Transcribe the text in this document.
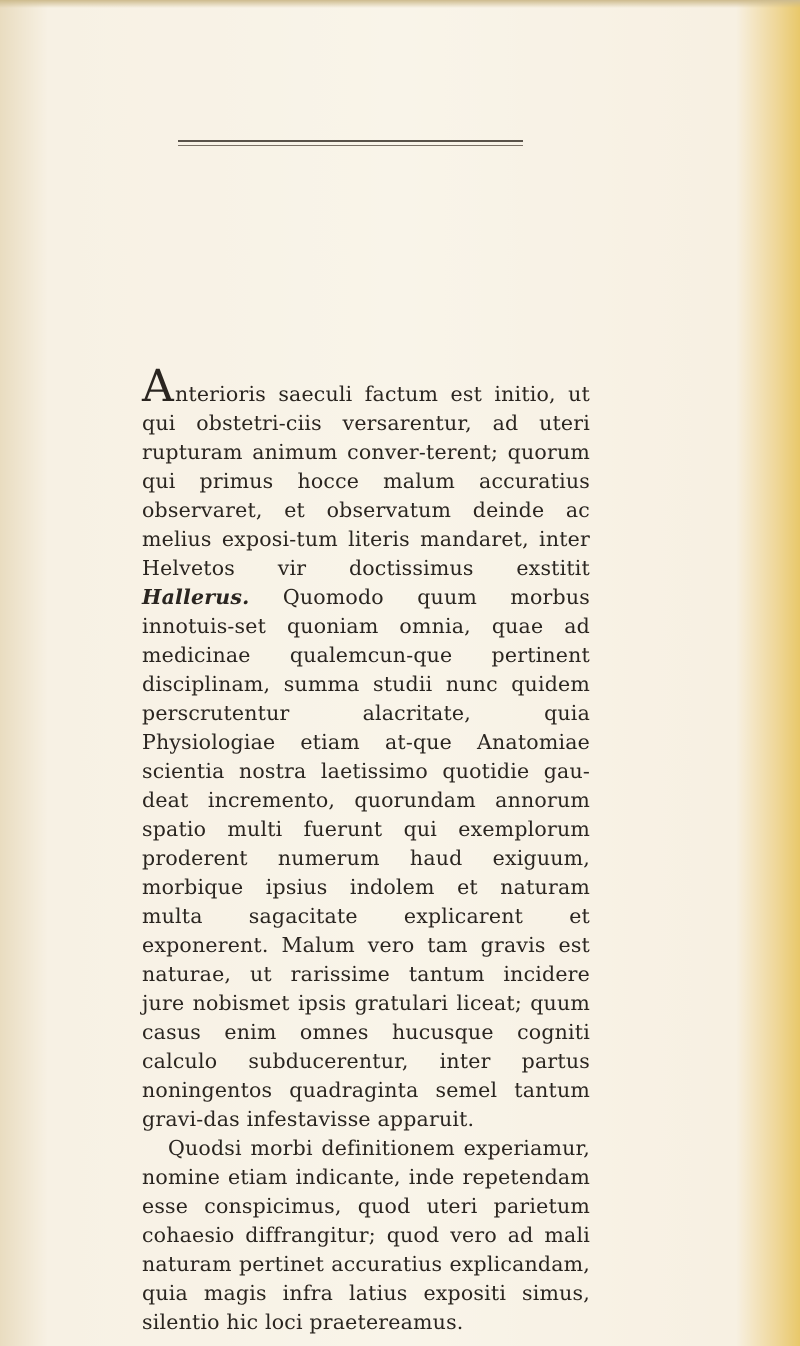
Anterioris saeculi factum est initio, ut qui obstetri-ciis versarentur, ad uteri rupturam animum conver-terent; quorum qui primus hocce malum accuratius observaret, et observatum deinde ac melius exposi-tum literis mandaret, inter Helvetos vir doctissimus exstitit Hallerus. Quomodo quum morbus innotuis-set quoniam omnia, quae ad medicinae qualemcun-que pertinent disciplinam, summa studii nunc quidem perscrutentur alacritate, quia Physiologiae etiam at-que Anatomiae scientia nostra laetissimo quotidie gau-deat incremento, quorundam annorum spatio multi fuerunt qui exemplorum proderent numerum haud exiguum, morbique ipsius indolem et naturam multa sagacitate explicarent et exponerent. Malum vero tam gravis est naturae, ut rarissime tantum incidere jure nobismet ipsis gratulari liceat; quum casus enim omnes hucusque cogniti calculo subducerentur, inter partus noningentos quadraginta semel tantum gravi-das infestavisse apparuit.

Quodsi morbi definitionem experiamur, nomine etiam indicante, inde repetendam esse conspicimus, quod uteri parietum cohaesio diffrangitur; quod vero ad mali naturam pertinet accuratius explicandam, quia magis infra latius expositi simus, silentio hic loci praetereamus.
